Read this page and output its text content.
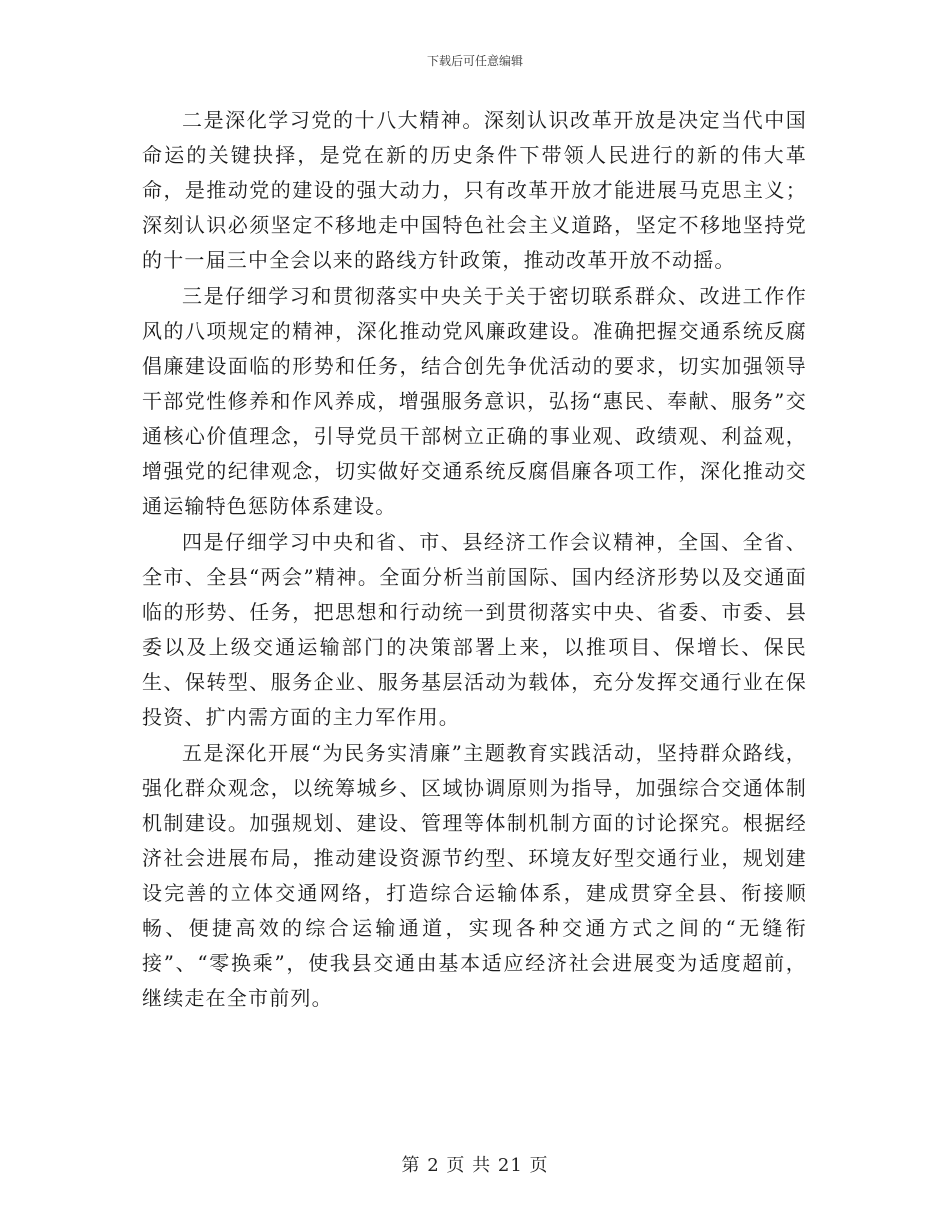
下载后可任意编辑

二是深化学习党的十八大精神。深刻认识改革开放是决定当代中国命运的关键抉择，是党在新的历史条件下带领人民进行的新的伟大革命，是推动党的建设的强大动力，只有改革开放才能进展马克思主义；深刻认识必须坚定不移地走中国特色社会主义道路，坚定不移地坚持党的十一届三中全会以来的路线方针政策，推动改革开放不动摇。

三是仔细学习和贯彻落实中央关于关于密切联系群众、改进工作作风的八项规定的精神，深化推动党风廉政建设。准确把握交通系统反腐倡廉建设面临的形势和任务，结合创先争优活动的要求，切实加强领导干部党性修养和作风养成，增强服务意识，弘扬“惠民、奉献、服务”交通核心价值理念，引导党员干部树立正确的事业观、政绩观、利益观，增强党的纪律观念，切实做好交通系统反腐倡廉各项工作，深化推动交通运输特色惩防体系建设。

四是仔细学习中央和省、市、县经济工作会议精神，全国、全省、全市、全县“两会”精神。全面分析当前国际、国内经济形势以及交通面临的形势、任务，把思想和行动统一到贯彻落实中央、省委、市委、县委以及上级交通运输部门的决策部署上来，以推项目、保增长、保民生、保转型、服务企业、服务基层活动为载体，充分发挥交通行业在保投资、扩内需方面的主力军作用。

五是深化开展“为民务实清廉”主题教育实践活动，坚持群众路线，强化群众观念，以统筹城乡、区域协调原则为指导，加强综合交通体制机制建设。加强规划、建设、管理等体制机制方面的讨论探究。根据经济社会进展布局，推动建设资源节约型、环境友好型交通行业，规划建设完善的立体交通网络，打造综合运输体系，建成贯穿全县、衔接顺畅、便捷高效的综合运输通道，实现各种交通方式之间的“无缝衔接”、“零换乘”，使我县交通由基本适应经济社会进展变为适度超前，继续走在全市前列。

第 2 页 共 21 页
